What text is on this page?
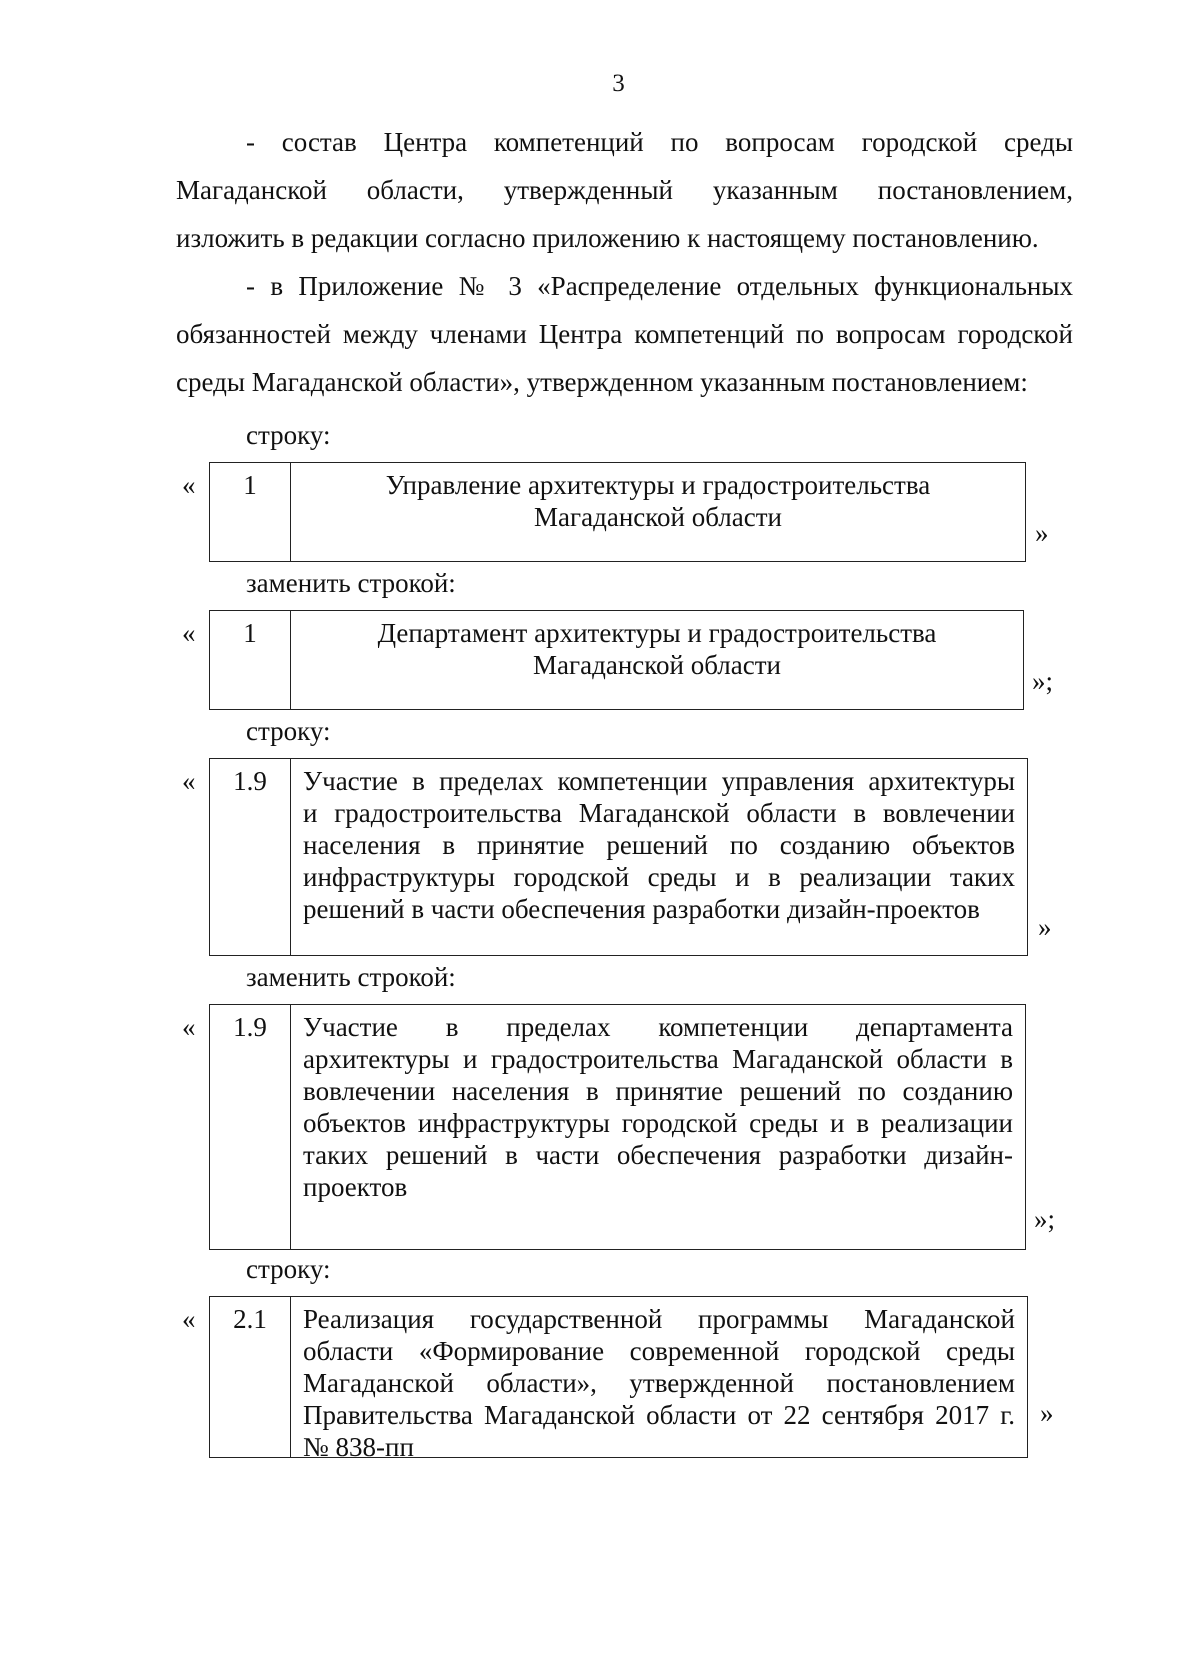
3
- состав Центра компетенций по вопросам городской среды
Магаданской области, утвержденный указанным постановлением,
изложить в редакции согласно приложению к настоящему постановлению.
- в Приложение № 3 «Распределение отдельных функциональных
обязанностей между членами Центра компетенций по вопросам городской
среды Магаданской области», утвержденном указанным постановлением:
строку:
«	1	Управление архитектуры и градостроительства
Магаданской области
»
заменить строкой:
«	1	Департамент архитектуры и градостроительства
Магаданской области
»;
строку:
«	1.9	Участие в пределах компетенции управления архитектуры
и градостроительства Магаданской области в вовлечении
населения в принятие решений по созданию объектов
инфраструктуры городской среды и в реализации таких
решений в части обеспечения разработки дизайн-проектов
»
заменить строкой:
«	1.9	Участие в пределах компетенции департамента
архитектуры и градостроительства Магаданской области в
вовлечении населения в принятие решений по созданию
объектов инфраструктуры городской среды и в реализации
таких решений в части обеспечения разработки дизайн-
проектов
»;
строку:
«	2.1	Реализация государственной программы Магаданской
области «Формирование современной городской среды
Магаданской области», утвержденной постановлением
Правительства Магаданской области от 22 сентября 2017 г.
№ 838-пп
»
